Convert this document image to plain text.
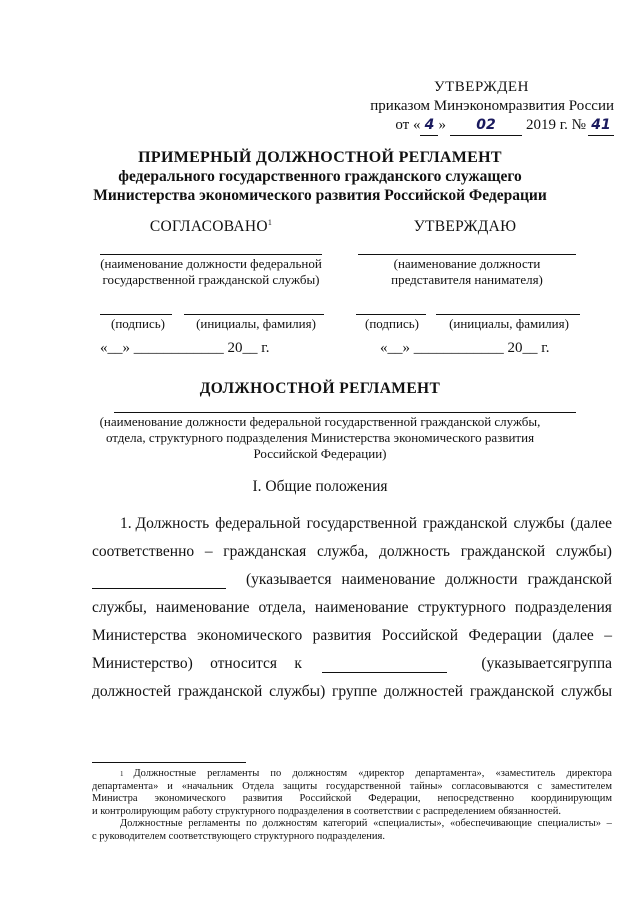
УТВЕРЖДЕН
приказом Минэкономразвития России
от « 4 » 02 2019 г. № 41
ПРИМЕРНЫЙ ДОЛЖНОСТНОЙ РЕГЛАМЕНТ
федерального государственного гражданского служащего
Министерства экономического развития Российской Федерации
СОГЛАСОВАНО$^1$
(наименование должности федеральной государственной гражданской службы)
(подпись)	(инициалы, фамилия)
«__» ____________ 20__ г.
УТВЕРЖДАЮ
(наименование должности представителя нанимателя)
(подпись)	(инициалы, фамилия)
«__» ____________ 20__ г.
ДОЛЖНОСТНОЙ РЕГЛАМЕНТ
(наименование должности федеральной государственной гражданской службы, отдела, структурного подразделения Министерства экономического развития Российской Федерации)
I. Общие положения
1. Должность федеральной государственной гражданской службы (далее
соответственно – гражданская служба, должность гражданской службы)
(указывается наименование должности гражданской
службы, наименование отдела, наименование структурного подразделения
Министерства экономического развития Российской Федерации (далее –
Министерство) относится к	(указывается группа
должностей гражданской службы) группе должностей гражданской службы
1 Должностные регламенты по должностям «директор департамента», «заместитель директора
департамента» и «начальник Отдела защиты государственной тайны» согласовываются с заместителем
Министра экономического развития Российской Федерации, непосредственно координирующим
и контролирующим работу структурного подразделения в соответствии с распределением обязанностей.
Должностные регламенты по должностям категорий «специалисты», «обеспечивающие специалисты» –
с руководителем соответствующего структурного подразделения.
